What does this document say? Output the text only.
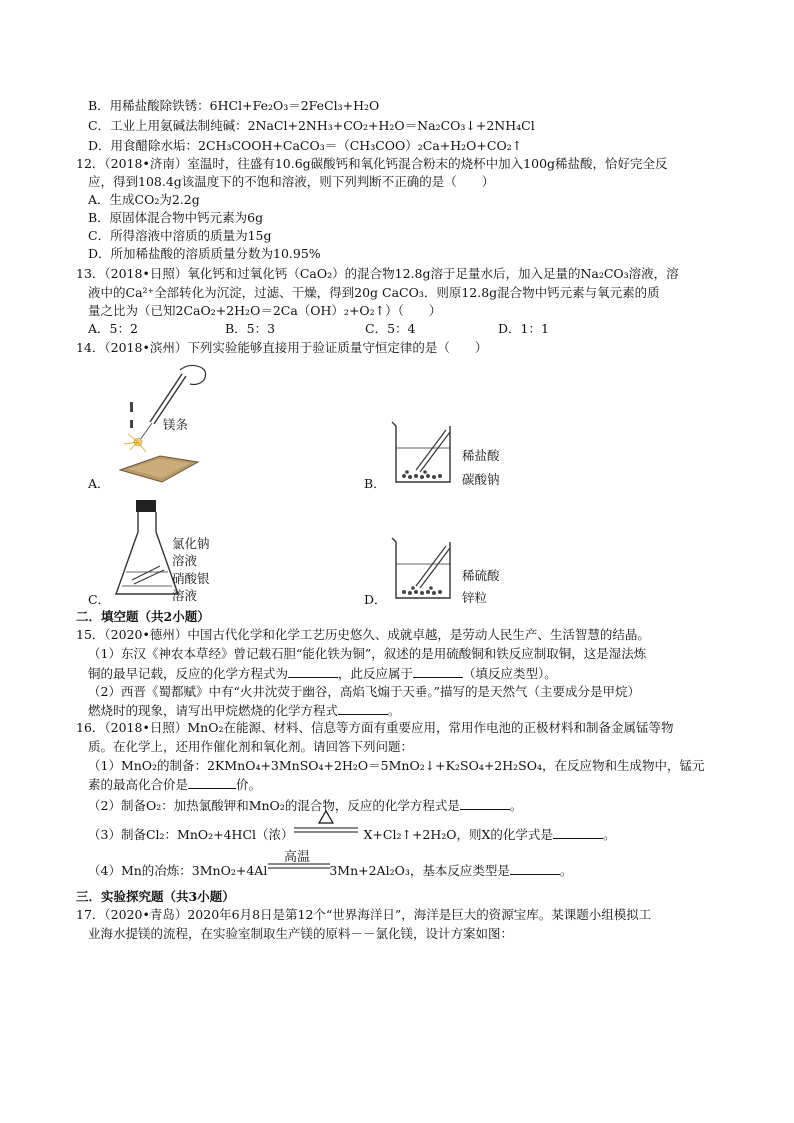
B．用稀盐酸除铁锈：6HCl+Fe₂O₃＝2FeCl₃+H₂O
C．工业上用氨碱法制纯碱：2NaCl+2NH₃+CO₂+H₂O＝Na₂CO₃↓+2NH₄Cl
D．用食醋除水垢：2CH₃COOH+CaCO₃＝（CH₃COO）₂Ca+H₂O+CO₂↑
12．（2018•济南）室温时，往盛有10.6g碳酸钙和氧化钙混合粉末的烧杯中加入100g稀盐酸，恰好完全反
应，得到108.4g该温度下的不饱和溶液，则下列判断不正确的是（　　）
A．生成CO₂为2.2g
B．原固体混合物中钙元素为6g
C．所得溶液中溶质的质量为15g
D．所加稀盐酸的溶质质量分数为10.95%
13．（2018•日照）氧化钙和过氧化钙（CaO₂）的混合物12.8g溶于足量水后，加入足量的Na₂CO₃溶液，溶
液中的Ca²⁺全部转化为沉淀，过滤、干燥，得到20g CaCO₃．则原12.8g混合物中钙元素与氧元素的质
量之比为（已知2CaO₂+2H₂O＝2Ca（OH）₂+O₂↑）（　　）
A．5：2	B．5：3	C．5：4	D．1：1
14．（2018•滨州）下列实验能够直接用于验证质量守恒定律的是（　　）
镁条
A．
稀盐酸
碳酸钠
B．
氯化钠
溶液
硝酸银
溶液
C．
稀硫酸
锌粒
D．
二．填空题（共2小题）
15．（2020•德州）中国古代化学和化学工艺历史悠久、成就卓越，是劳动人民生产、生活智慧的结晶。
（1）东汉《神农本草经》曾记载石胆“能化铁为铜”，叙述的是用硫酸铜和铁反应制取铜，这是湿法炼
铜的最早记载，反应的化学方程式为	，此反应属于	（填反应类型）。
（2）西晋《蜀都赋》中有“火井沈荧于幽谷，高焰飞煽于天垂。”描写的是天然气（主要成分是甲烷）
燃烧时的现象，请写出甲烷燃烧的化学方程式	。
16．（2018•日照）MnO₂在能源、材料、信息等方面有重要应用，常用作电池的正极材料和制备金属锰等物
质。在化学上，还用作催化剂和氧化剂。请回答下列问题：
（1）MnO₂的制备：2KMnO₄+3MnSO₄+2H₂O＝5MnO₂↓+K₂SO₄+2H₂SO₄，在反应物和生成物中，锰元
素的最高化合价是	价。
（2）制备O₂：加热氯酸钾和MnO₂的混合物，反应的化学方程式是	。
（3）制备Cl₂：MnO₂+4HCl（浓）	X+Cl₂↑+2H₂O，则X的化学式是	。
（4）Mn的冶炼：3MnO₂+4Al	3Mn+2Al₂O₃，基本反应类型是	。
高温
三．实验探究题（共3小题）
17．（2020•青岛）2020年6月8日是第12个“世界海洋日”，海洋是巨大的资源宝库。某课题小组模拟工
业海水提镁的流程，在实验室制取生产镁的原料－－氯化镁，设计方案如图：
